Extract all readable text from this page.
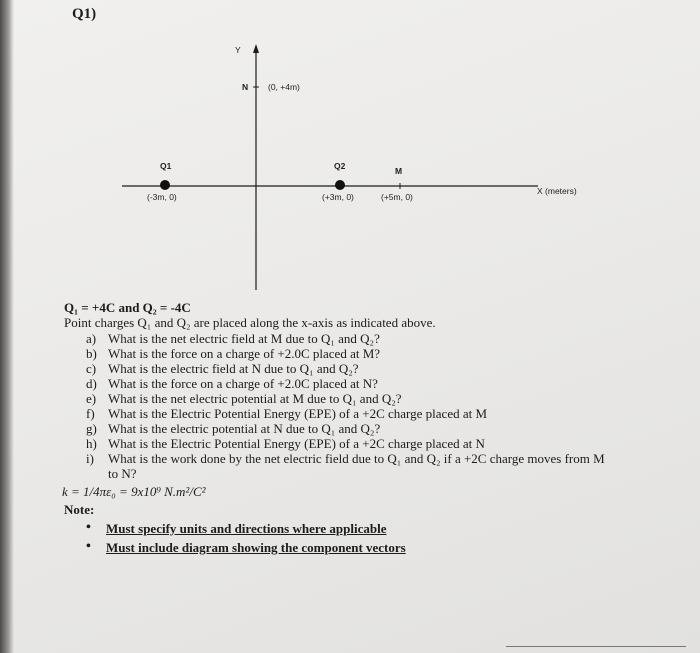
Q1)
Y
N (0, +4m)
Q1
(-3m, 0)
Q2
(+3m, 0)
M
(+5m, 0)
X (meters)
Q₁ = +4C and Q₂ = -4C
Point charges Q₁ and Q₂ are placed along the x-axis as indicated above.
a) What is the net electric field at M due to Q₁ and Q₂?
b) What is the force on a charge of +2.0C placed at M?
c) What is the electric field at N due to Q₁ and Q₂?
d) What is the force on a charge of +2.0C placed at N?
e) What is the net electric potential at M due to Q₁ and Q₂?
f) What is the Electric Potential Energy (EPE) of a +2C charge placed at M
g) What is the electric potential at N due to Q₁ and Q₂?
h) What is the Electric Potential Energy (EPE) of a +2C charge placed at N
i) What is the work done by the net electric field due to Q₁ and Q₂ if a +2C charge moves from M
to N?
k = 1/4πε₀ = 9x10⁹ N.m²/C²
Note:
• Must specify units and directions where applicable
• Must include diagram showing the component vectors
